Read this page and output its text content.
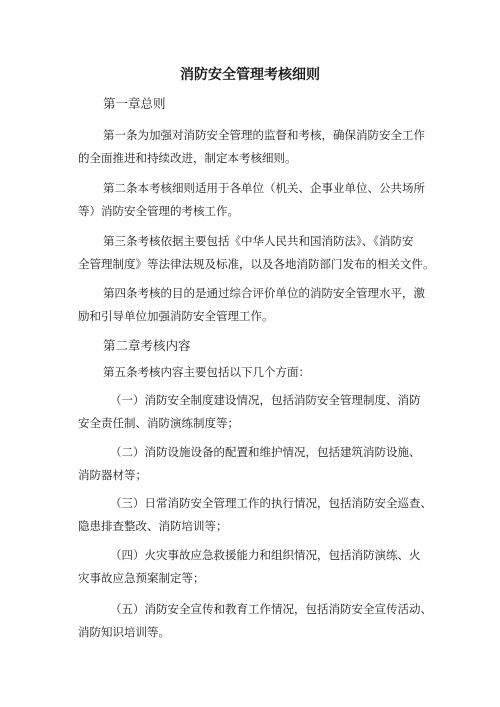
消防安全管理考核细则
第一章总则
第一条为加强对消防安全管理的监督和考核，确保消防安全工作
的全面推进和持续改进，制定本考核细则。
第二条本考核细则适用于各单位（机关、企事业单位、公共场所
等）消防安全管理的考核工作。
第三条考核依据主要包括《中华人民共和国消防法》、《消防安
全管理制度》等法律法规及标准，以及各地消防部门发布的相关文件。
第四条考核的目的是通过综合评价单位的消防安全管理水平，激
励和引导单位加强消防安全管理工作。
第二章考核内容
第五条考核内容主要包括以下几个方面：
（一）消防安全制度建设情况，包括消防安全管理制度、消防
安全责任制、消防演练制度等；
（二）消防设施设备的配置和维护情况，包括建筑消防设施、
消防器材等；
（三）日常消防安全管理工作的执行情况，包括消防安全巡查、
隐患排查整改、消防培训等；
（四）火灾事故应急救援能力和组织情况，包括消防演练、火
灾事故应急预案制定等；
（五）消防安全宣传和教育工作情况，包括消防安全宣传活动、
消防知识培训等。
